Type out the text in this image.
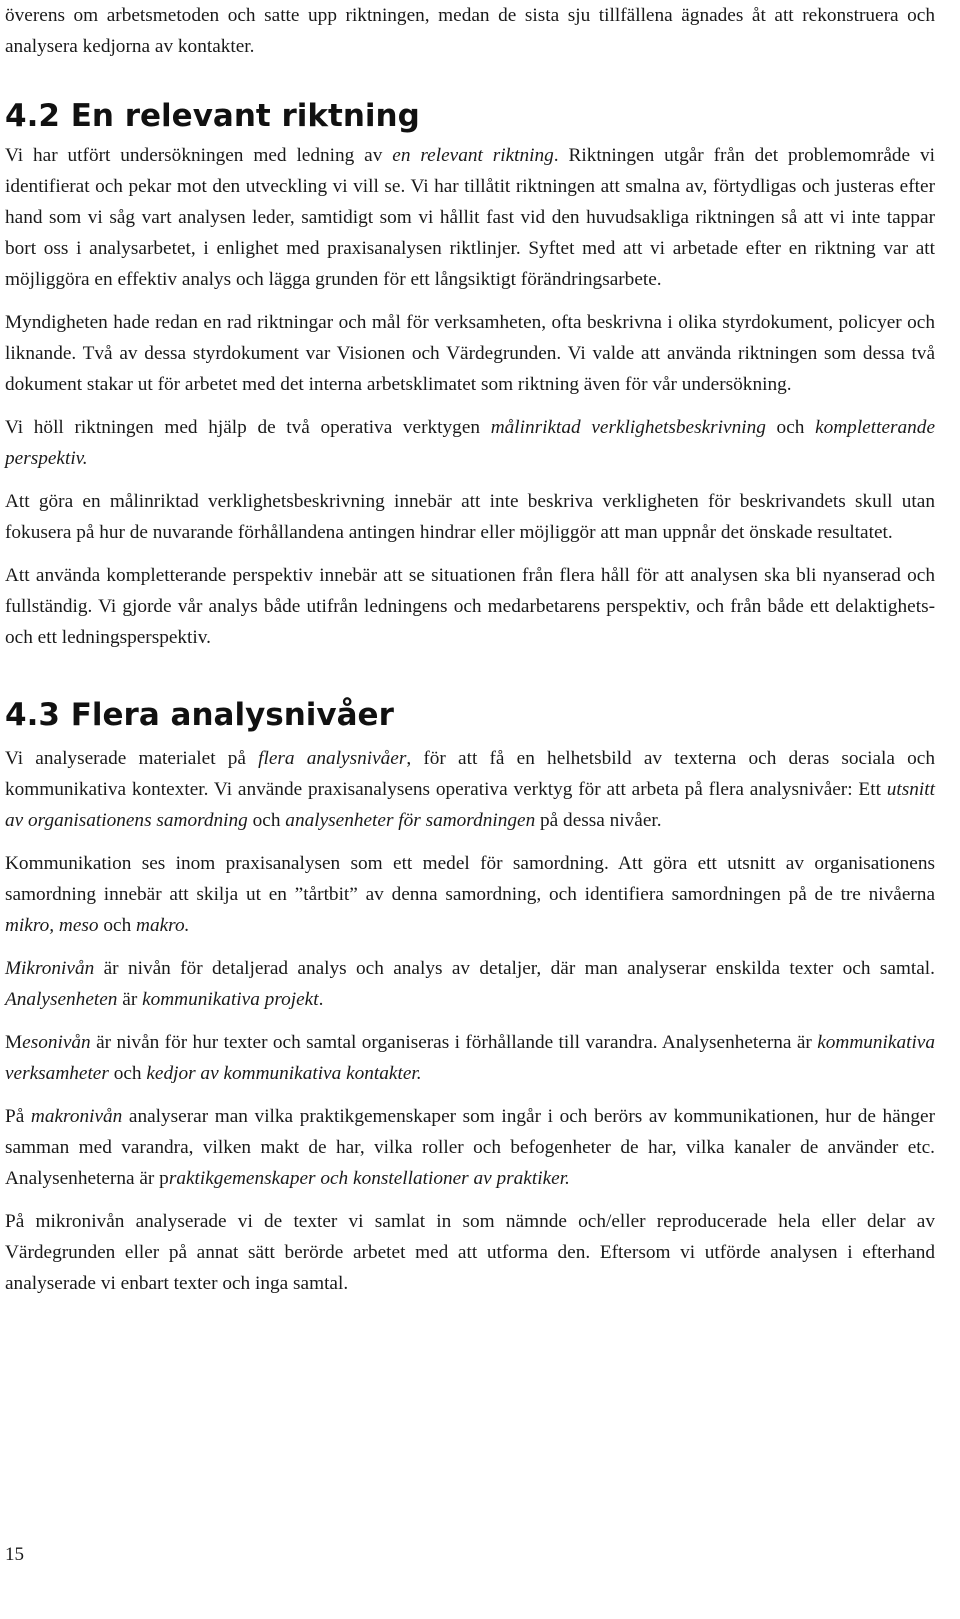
överens om arbetsmetoden och satte upp riktningen, medan de sista sju tillfällena ägnades åt att rekonstruera och analysera kedjorna av kontakter.

4.2 En relevant riktning

Vi har utfört undersökningen med ledning av en relevant riktning. Riktningen utgår från det problemområde vi identifierat och pekar mot den utveckling vi vill se. Vi har tillåtit riktningen att smalna av, förtydligas och justeras efter hand som vi såg vart analysen leder, samtidigt som vi hållit fast vid den huvudsakliga riktningen så att vi inte tappar bort oss i analysarbetet, i enlighet med praxisanalysen riktlinjer. Syftet med att vi arbetade efter en riktning var att möjliggöra en effektiv analys och lägga grunden för ett långsiktigt förändringsarbete.

Myndigheten hade redan en rad riktningar och mål för verksamheten, ofta beskrivna i olika styrdokument, policyer och liknande. Två av dessa styrdokument var Visionen och Värdegrunden. Vi valde att använda riktningen som dessa två dokument stakar ut för arbetet med det interna arbetsklimatet som riktning även för vår undersökning.

Vi höll riktningen med hjälp de två operativa verktygen målinriktad verklighetsbeskrivning och kompletterande perspektiv.

Att göra en målinriktad verklighetsbeskrivning innebär att inte beskriva verkligheten för beskrivandets skull utan fokusera på hur de nuvarande förhållandena antingen hindrar eller möjliggör att man uppnår det önskade resultatet.

Att använda kompletterande perspektiv innebär att se situationen från flera håll för att analysen ska bli nyanserad och fullständig. Vi gjorde vår analys både utifrån ledningens och medarbetarens perspektiv, och från både ett delaktighets- och ett ledningsperspektiv.

4.3 Flera analysnivåer

Vi analyserade materialet på flera analysnivåer, för att få en helhetsbild av texterna och deras sociala och kommunikativa kontexter. Vi använde praxisanalysens operativa verktyg för att arbeta på flera analysnivåer: Ett utsnitt av organisationens samordning och analysenheter för samordningen på dessa nivåer.

Kommunikation ses inom praxisanalysen som ett medel för samordning. Att göra ett utsnitt av organisationens samordning innebär att skilja ut en ”tårtbit” av denna samordning, och identifiera samordningen på de tre nivåerna mikro, meso och makro.

Mikronivån är nivån för detaljerad analys och analys av detaljer, där man analyserar enskilda texter och samtal. Analysenheten är kommunikativa projekt.

Mesonivån är nivån för hur texter och samtal organiseras i förhållande till varandra. Analysenheterna är kommunikativa verksamheter och kedjor av kommunikativa kontakter.

På makronivån analyserar man vilka praktikgemenskaper som ingår i och berörs av kommunikationen, hur de hänger samman med varandra, vilken makt de har, vilka roller och befogenheter de har, vilka kanaler de använder etc. Analysenheterna är praktikgemenskaper och konstellationer av praktiker.

På mikronivån analyserade vi de texter vi samlat in som nämnde och/eller reproducerade hela eller delar av Värdegrunden eller på annat sätt berörde arbetet med att utforma den. Eftersom vi utförde analysen i efterhand analyserade vi enbart texter och inga samtal.

15
